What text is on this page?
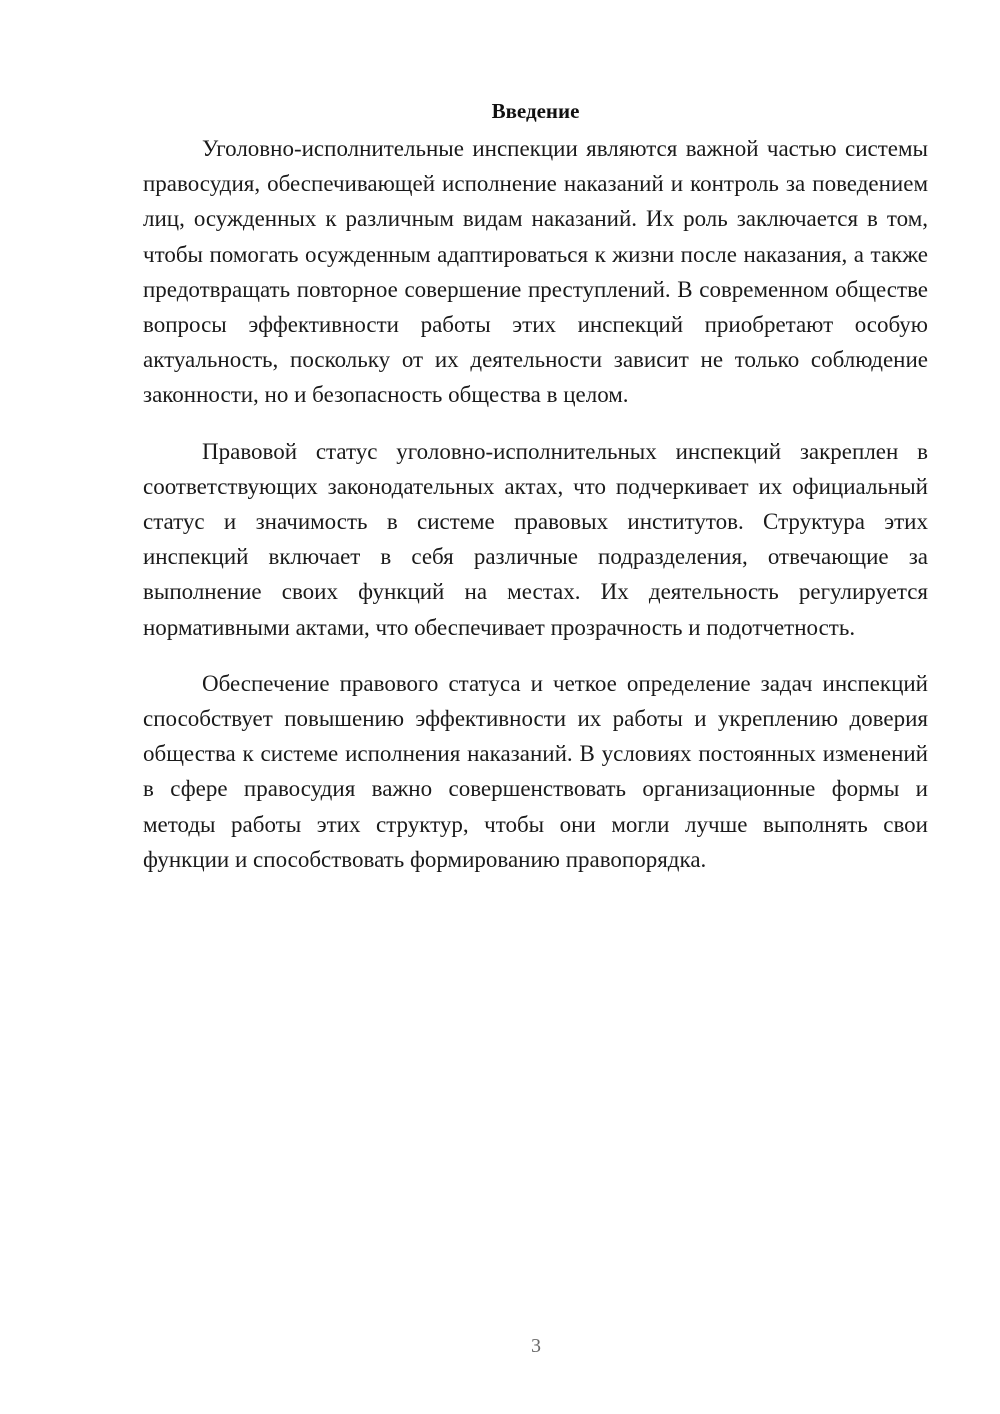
Введение

Уголовно-исполнительные инспекции являются важной частью системы правосудия, обеспечивающей исполнение наказаний и контроль за поведением лиц, осужденных к различным видам наказаний. Их роль заключается в том, чтобы помогать осужденным адаптироваться к жизни после наказания, а также предотвращать повторное совершение преступлений. В современном обществе вопросы эффективности работы этих инспекций приобретают особую актуальность, поскольку от их деятельности зависит не только соблюдение законности, но и безопасность общества в целом.

Правовой статус уголовно-исполнительных инспекций закреплен в соответствующих законодательных актах, что подчеркивает их официальный статус и значимость в системе правовых институтов. Структура этих инспекций включает в себя различные подразделения, отвечающие за выполнение своих функций на местах. Их деятельность регулируется нормативными актами, что обеспечивает прозрачность и подотчетность.

Обеспечение правового статуса и четкое определение задач инспекций способствует повышению эффективности их работы и укреплению доверия общества к системе исполнения наказаний. В условиях постоянных изменений в сфере правосудия важно совершенствовать организационные формы и методы работы этих структур, чтобы они могли лучше выполнять свои функции и способствовать формированию правопорядка.

3
